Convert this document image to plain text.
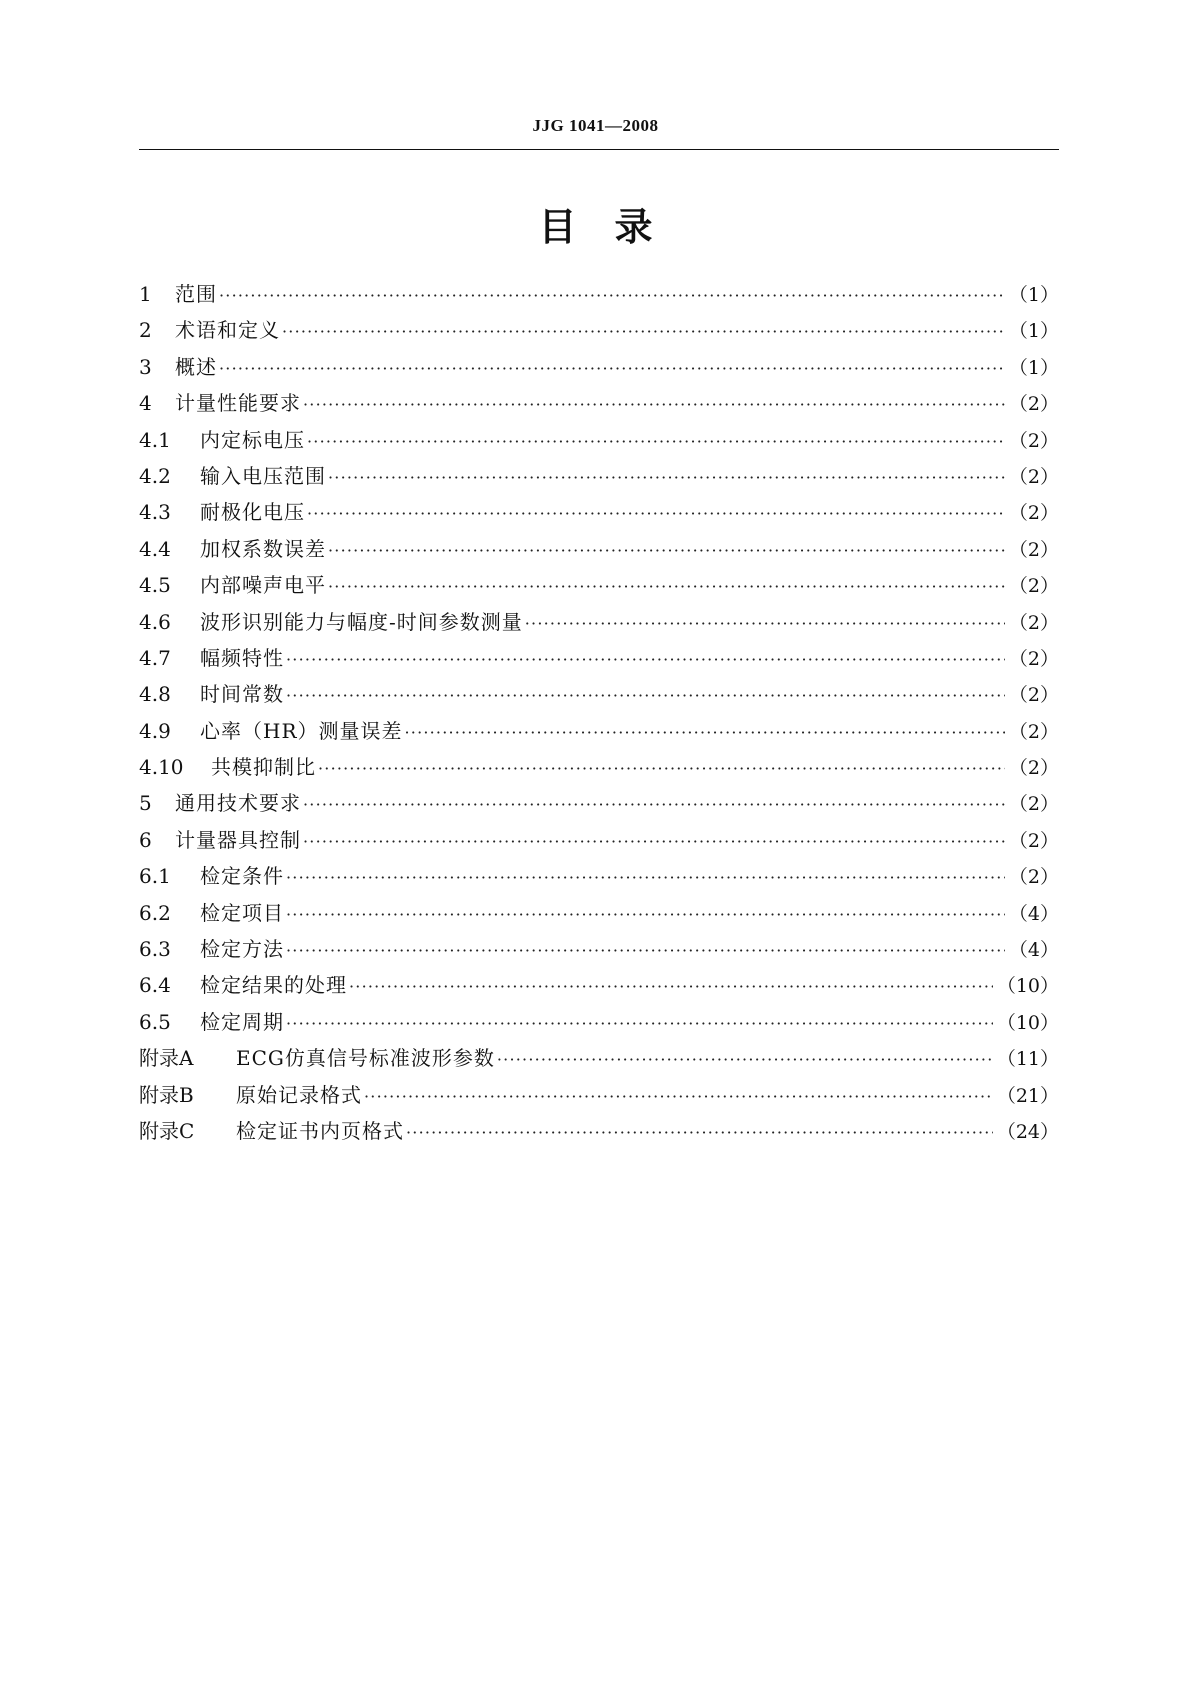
JJG 1041—2008
目　录
1	范围 ·····	（1）
2	术语和定义 ·····	（1）
3	概述 ·····	（1）
4	计量性能要求 ·····	（2）
4.1	内定标电压 ·····	（2）
4.2	输入电压范围 ·····	（2）
4.3	耐极化电压 ·····	（2）
4.4	加权系数误差 ·····	（2）
4.5	内部噪声电平 ·····	（2）
4.6	波形识别能力与幅度-时间参数测量 ·····	（2）
4.7	幅频特性 ·····	（2）
4.8	时间常数 ·····	（2）
4.9	心率（HR）测量误差 ·····	（2）
4.10	共模抑制比 ·····	（2）
5	通用技术要求 ·····	（2）
6	计量器具控制 ·····	（2）
6.1	检定条件 ·····	（2）
6.2	检定项目 ·····	（4）
6.3	检定方法 ·····	（4）
6.4	检定结果的处理 ·····	（10）
6.5	检定周期 ·····	（10）
附录A	ECG仿真信号标准波形参数 ·····	（11）
附录B	原始记录格式 ·····	（21）
附录C	检定证书内页格式 ·····	（24）
